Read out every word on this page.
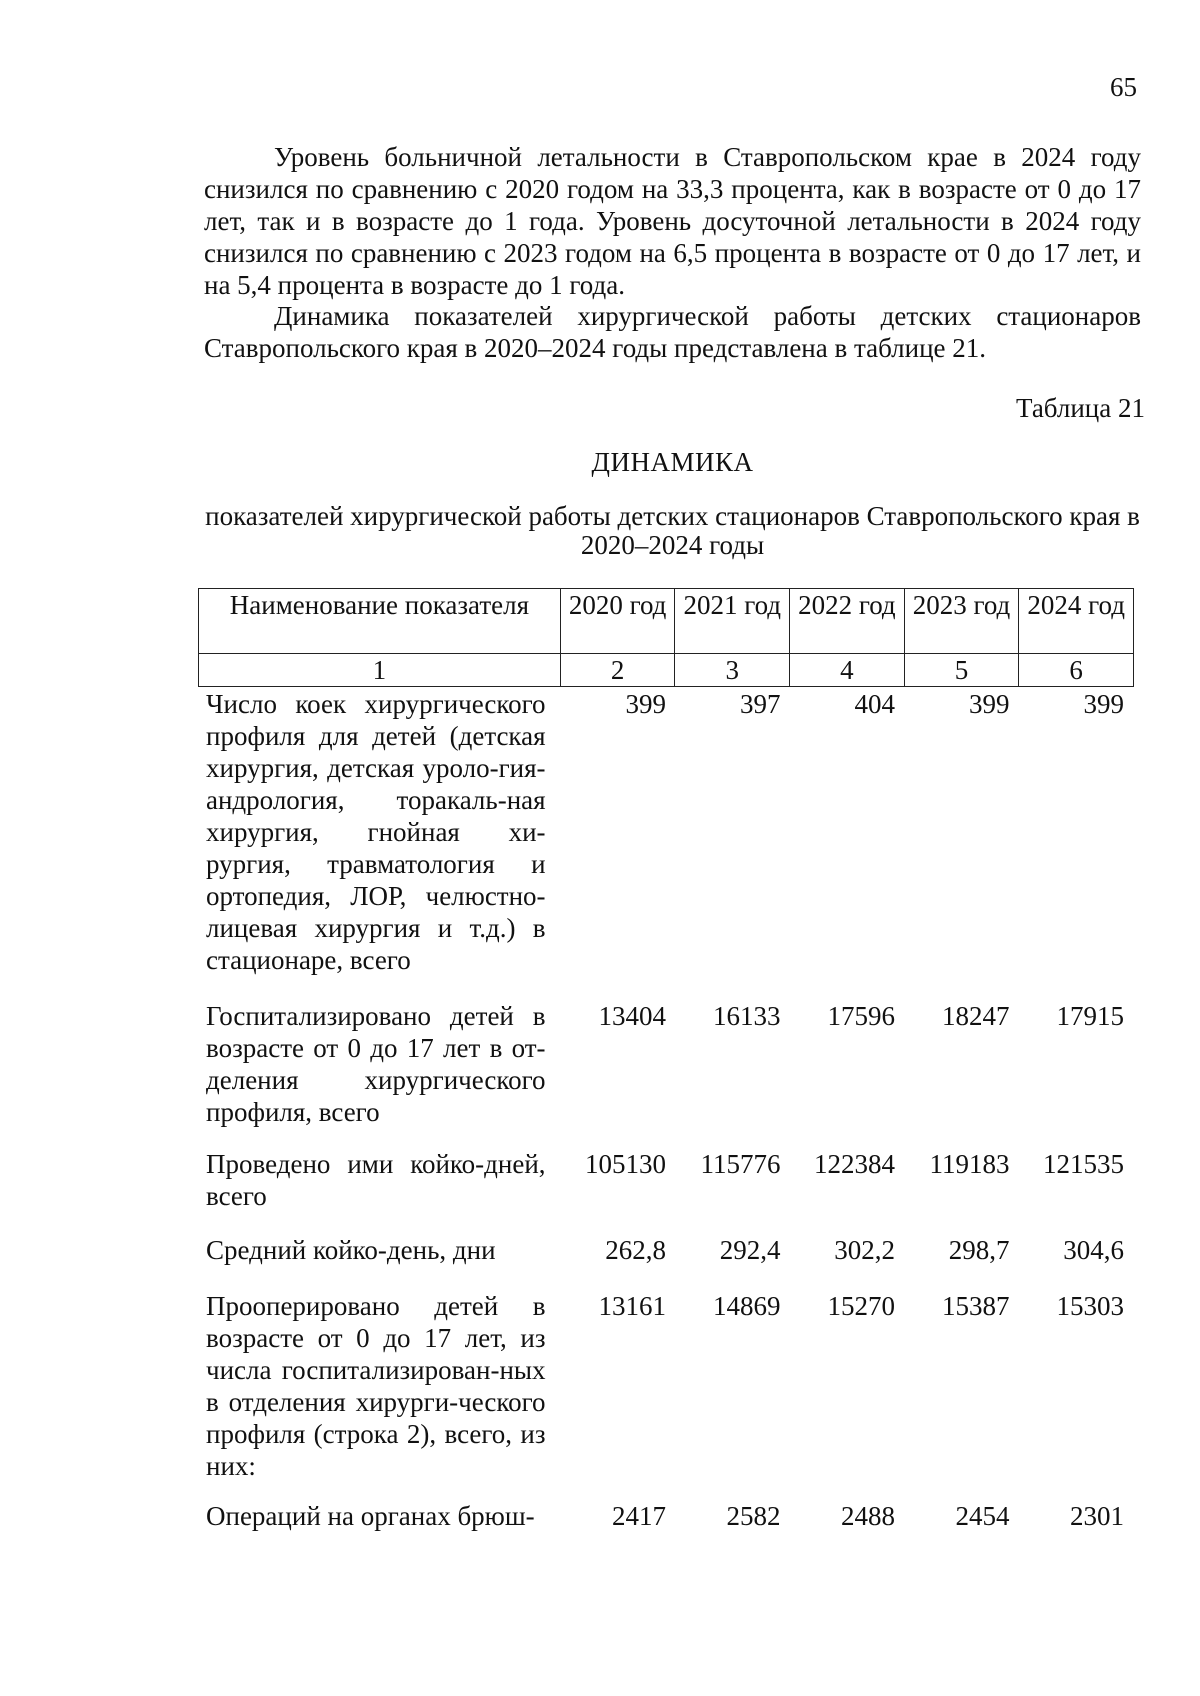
65

Уровень больничной летальности в Ставропольском крае в 2024 году снизился по сравнению с 2020 годом на 33,3 процента, как в возрасте от 0 до 17 лет, так и в возрасте до 1 года. Уровень досуточной летальности в 2024 году снизился по сравнению с 2023 годом на 6,5 процента в возрасте от 0 до 17 лет, и на 5,4 процента в возрасте до 1 года.

Динамика показателей хирургической работы детских стационаров Ставропольского края в 2020–2024 годы представлена в таблице 21.

Таблица 21
ДИНАМИКА
показателей хирургической работы детских стационаров Ставропольского края в 2020–2024 годы
Наименование показателя	2020 год	2021 год	2022 год	2023 год	2024 год
1	2	3	4	5	6
Число коек хирургического профиля для детей (детская хирургия, детская уроло-гия-андрология, торакаль-ная хирургия, гнойная хи-рургия, травматология и ортопедия, ЛОР, челюстно-лицевая хирургия и т.д.) в стационаре, всего	399	397	404	399	399
Госпитализировано детей в возрасте от 0 до 17 лет в от-деления хирургического профиля, всего	13404	16133	17596	18247	17915
Проведено ими койко-дней, всего	105130	115776	122384	119183	121535
Средний койко-день, дни	262,8	292,4	302,2	298,7	304,6
Прооперировано детей в возрасте от 0 до 17 лет, из числа госпитализирован-ных в отделения хирурги-ческого профиля (строка 2), всего, из них:	13161	14869	15270	15387	15303
Операций на органах брюш-	2417	2582	2488	2454	2301
